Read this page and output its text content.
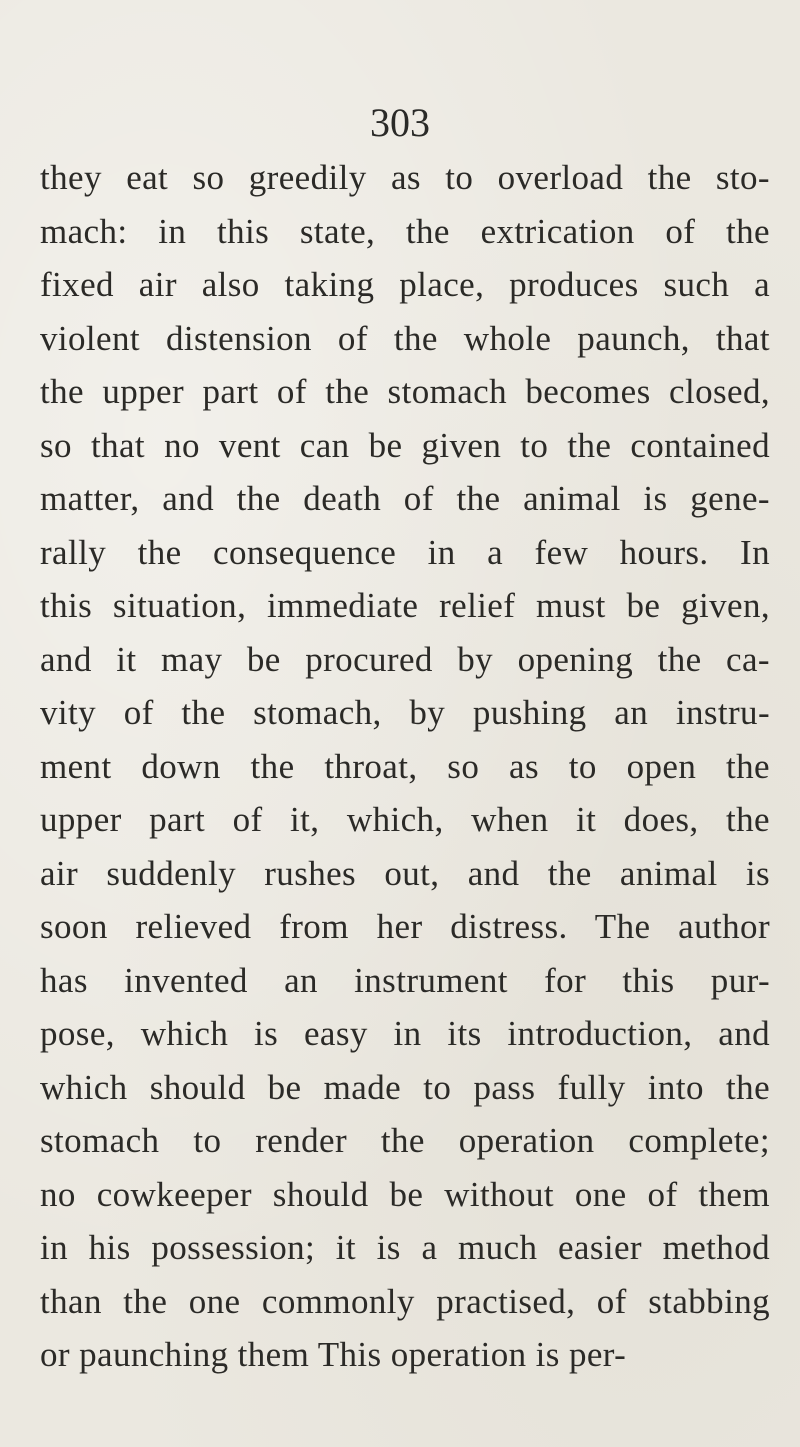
303
they eat so greedily as to overload the sto-
mach: in this state, the extrication of the
fixed air also taking place, produces such a
violent distension of the whole paunch, that
the upper part of the stomach becomes closed,
so that no vent can be given to the contained
matter, and the death of the animal is gene-
rally the consequence in a few hours. In
this situation, immediate relief must be given,
and it may be procured by opening the ca-
vity of the stomach, by pushing an instru-
ment down the throat, so as to open the
upper part of it, which, when it does, the
air suddenly rushes out, and the animal is
soon relieved from her distress. The author
has invented an instrument for this pur-
pose, which is easy in its introduction, and
which should be made to pass fully into the
stomach to render the operation complete;
no cowkeeper should be without one of them
in his possession; it is a much easier method
than the one commonly practised, of stabbing
or paunching them This operation is per-
